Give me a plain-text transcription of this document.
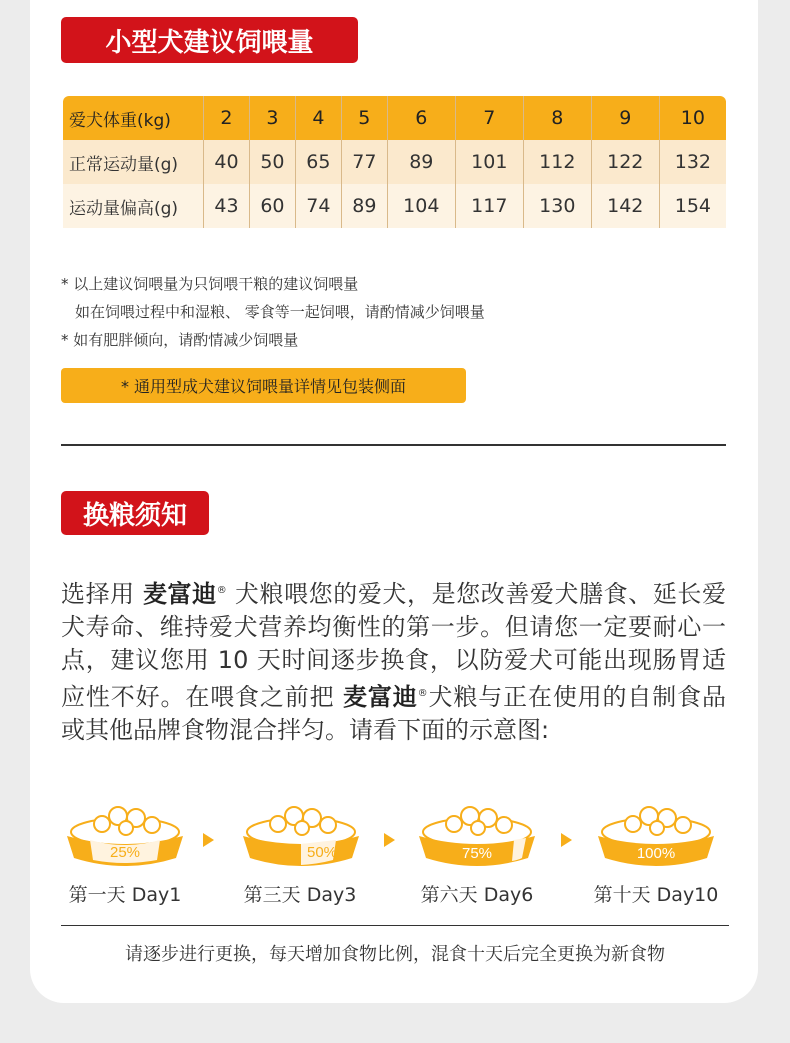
小型犬建议饲喂量
爱犬体重(kg)	2	3	4	5	6	7	8	9	10
正常运动量(g)	40	50	65	77	89	101	112	122	132
运动量偏高(g)	43	60	74	89	104	117	130	142	154
* 以上建议饲喂量为只饲喂干粮的建议饲喂量
如在饲喂过程中和湿粮、 零食等一起饲喂，请酌情减少饲喂量
* 如有肥胖倾向，请酌情减少饲喂量
* 通用型成犬建议饲喂量详情见包装侧面
换粮须知
选择用 麦富迪® 犬粮喂您的爱犬，是您改善爱犬膳食、延长爱犬寿命、维持爱犬营养均衡性的第一步。但请您一定要耐心一点，建议您用 10 天时间逐步换食，以防爱犬可能出现肠胃适应性不好。在喂食之前把 麦富迪®犬粮与正在使用的自制食品或其他品牌食物混合拌匀。请看下面的示意图:
25%	50%	75%	100%
第一天 Day1	第三天 Day3	第六天 Day6	第十天 Day10
请逐步进行更换，每天增加食物比例，混食十天后完全更换为新食物
